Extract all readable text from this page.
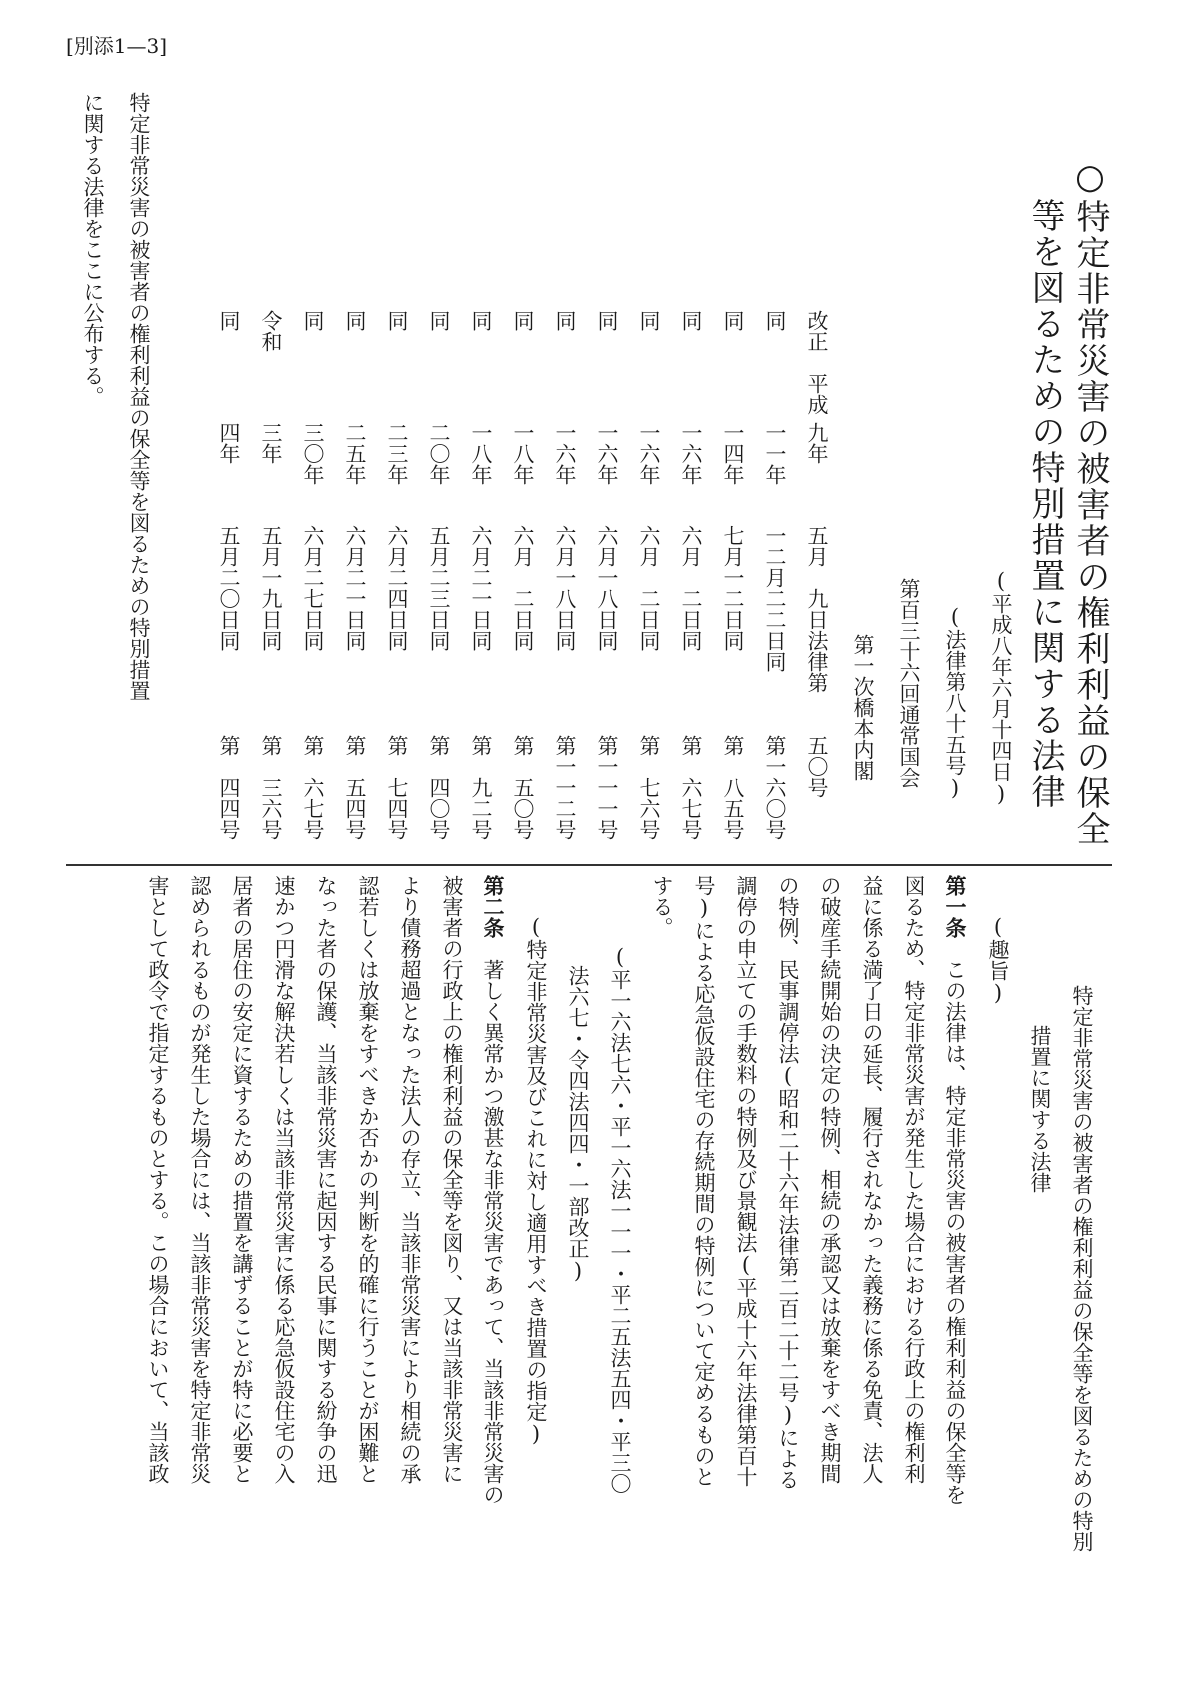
[別添1—3]
○特定非常災害の被害者の権利利益の保全
等を図るための特別措置に関する法律
(平成八年六月十四日)
(法律第八十五号)
第百三十六回通常国会
第一次橋本内閣
改正　平成
九年
五月　九日法律第
五〇号
同
一一年
一二月二二日同
第一六〇号
同
一四年
七月一二日同
第　八五号
同
一六年
六月　二日同
第　六七号
同
一六年
六月　二日同
第　七六号
同
一六年
六月一八日同
第一一一号
同
一六年
六月一八日同
第一一二号
同
一八年
六月　二日同
第　五〇号
同
一八年
六月二一日同
第　九二号
同
二〇年
五月二三日同
第　四〇号
同
二三年
六月二四日同
第　七四号
同
二五年
六月二一日同
第　五四号
同
三〇年
六月二七日同
第　六七号
令和
三年
五月一九日同
第　三六号
同
四年
五月二〇日同
第　四四号
特定非常災害の被害者の権利利益の保全等を図るための特別措置
に関する法律をここに公布する。
特定非常災害の被害者の権利利益の保全等を図るための特別
措置に関する法律
(趣旨)
第一条　この法律は、特定非常災害の被害者の権利利益の保全等を
図るため、特定非常災害が発生した場合における行政上の権利利
益に係る満了日の延長、履行されなかった義務に係る免責、法人
の破産手続開始の決定の特例、相続の承認又は放棄をすべき期間
の特例、民事調停法(昭和二十六年法律第二百二十二号)による
調停の申立ての手数料の特例及び景観法(平成十六年法律第百十
号)による応急仮設住宅の存続期間の特例について定めるものと
する。
(平一六法七六・平一六法一一一・平二五法五四・平三〇
法六七・令四法四四・一部改正)
(特定非常災害及びこれに対し適用すべき措置の指定)
第二条　著しく異常かつ激甚な非常災害であって、当該非常災害の
被害者の行政上の権利利益の保全等を図り、又は当該非常災害に
より債務超過となった法人の存立、当該非常災害により相続の承
認若しくは放棄をすべきか否かの判断を的確に行うことが困難と
なった者の保護、当該非常災害に起因する民事に関する紛争の迅
速かつ円滑な解決若しくは当該非常災害に係る応急仮設住宅の入
居者の居住の安定に資するための措置を講ずることが特に必要と
認められるものが発生した場合には、当該非常災害を特定非常災
害として政令で指定するものとする。この場合において、当該政
